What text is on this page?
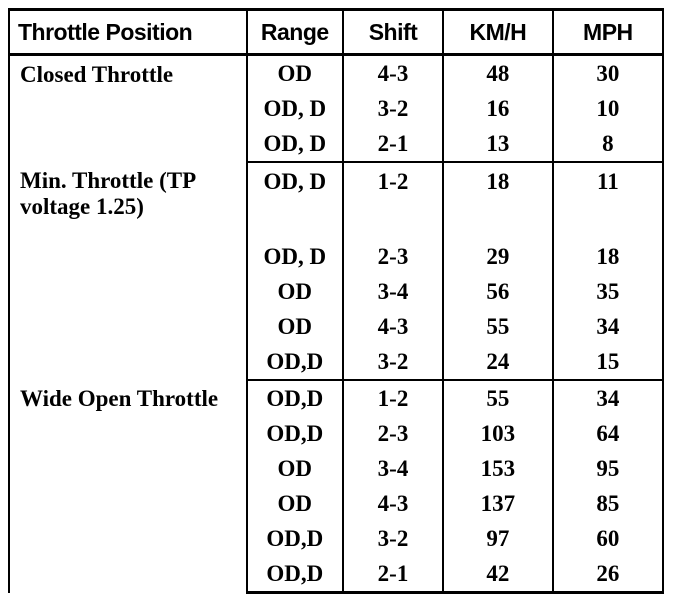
Throttle Position	Range	Shift	KM/H	MPH
Closed Throttle	OD	4-3	48	30
	OD, D	3-2	16	10
	OD, D	2-1	13	8
Min. Throttle (TP voltage 1.25)	OD, D	1-2	18	11
	OD, D	2-3	29	18
	OD	3-4	56	35
	OD	4-3	55	34
	OD,D	3-2	24	15
Wide Open Throttle	OD,D	1-2	55	34
	OD,D	2-3	103	64
	OD	3-4	153	95
	OD	4-3	137	85
	OD,D	3-2	97	60
	OD,D	2-1	42	26
